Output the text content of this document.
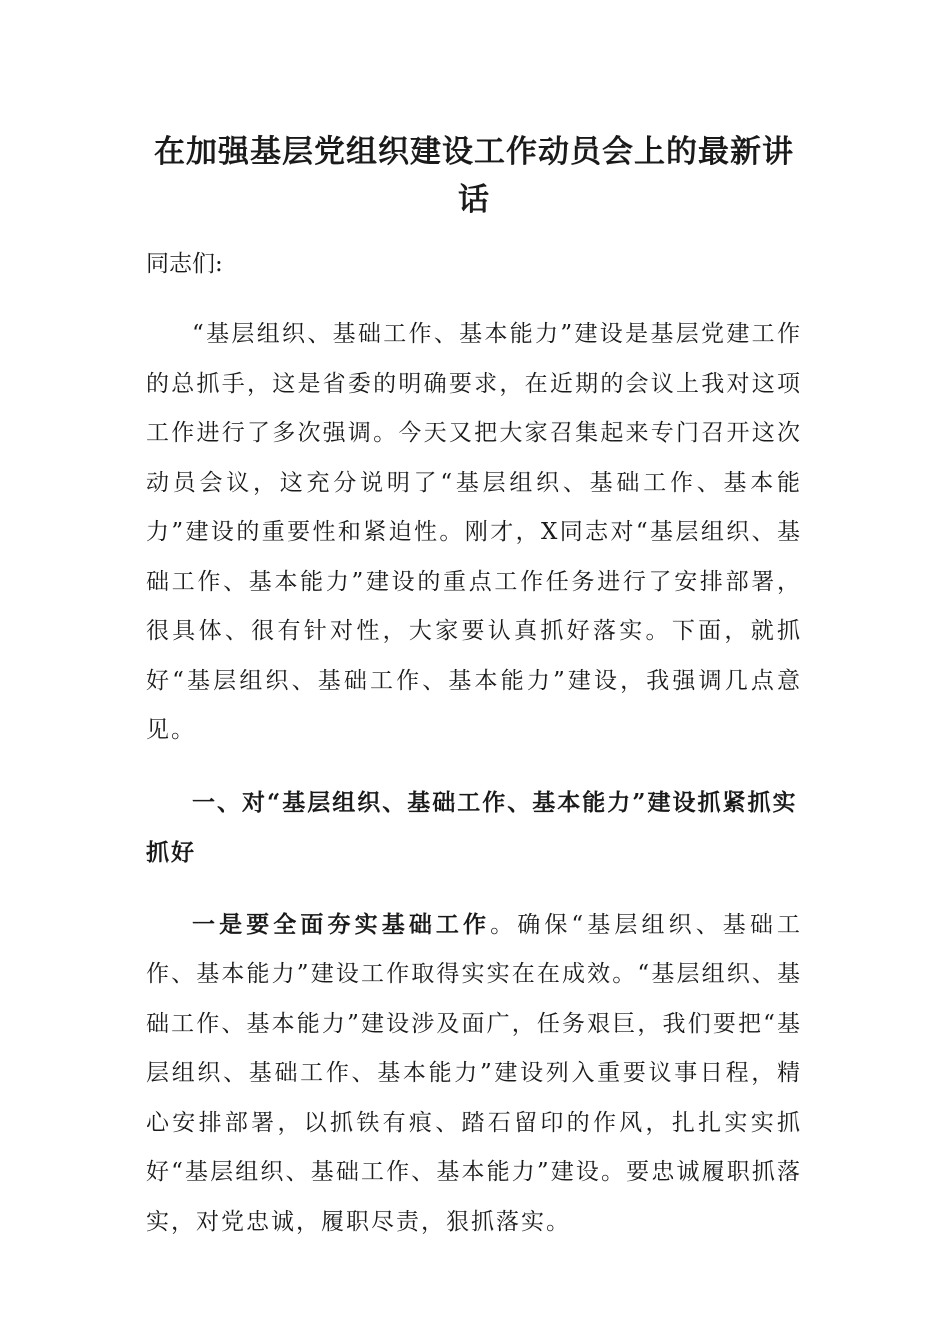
在加强基层党组织建设工作动员会上的最新讲话

同志们:

“基层组织、基础工作、基本能力”建设是基层党建工作的总抓手，这是省委的明确要求，在近期的会议上我对这项工作进行了多次强调。今天又把大家召集起来专门召开这次动员会议，这充分说明了“基层组织、基础工作、基本能力”建设的重要性和紧迫性。刚才，X同志对“基层组织、基础工作、基本能力”建设的重点工作任务进行了安排部署，很具体、很有针对性，大家要认真抓好落实。下面，就抓好“基层组织、基础工作、基本能力”建设，我强调几点意见。

一、对“基层组织、基础工作、基本能力”建设抓紧抓实抓好

一是要全面夯实基础工作。确保“基层组织、基础工作、基本能力”建设工作取得实实在在成效。“基层组织、基础工作、基本能力”建设涉及面广，任务艰巨，我们要把“基层组织、基础工作、基本能力”建设列入重要议事日程，精心安排部署，以抓铁有痕、踏石留印的作风，扎扎实实抓好“基层组织、基础工作、基本能力”建设。要忠诚履职抓落实，对党忠诚，履职尽责，狠抓落实。
